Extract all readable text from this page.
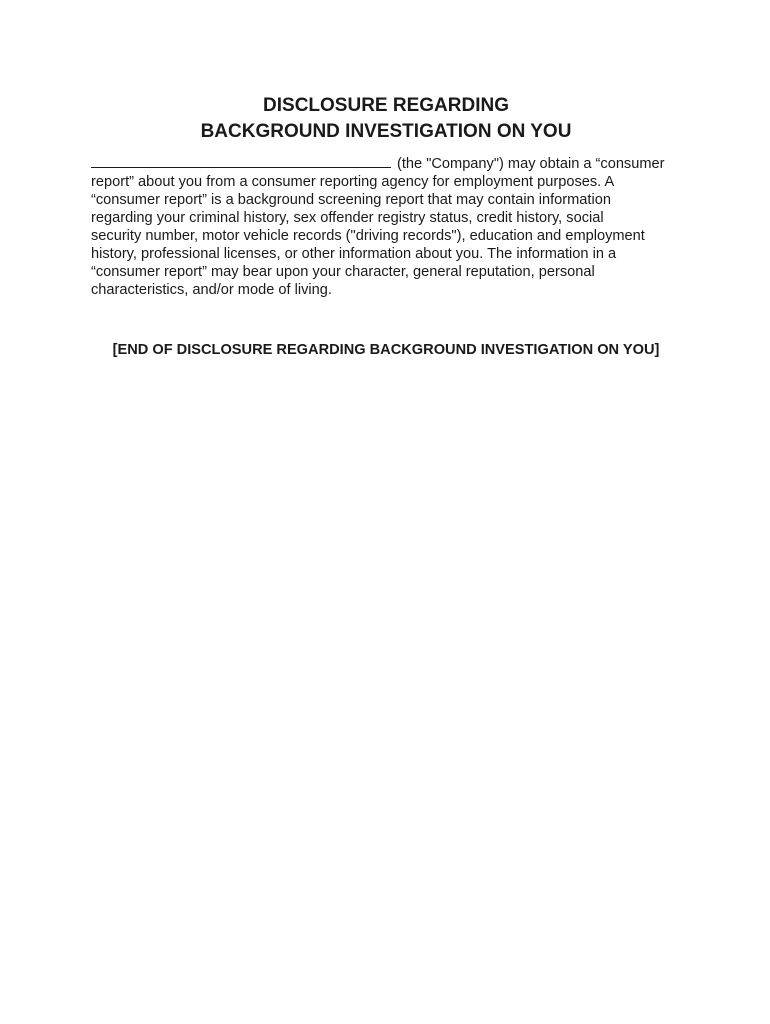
DISCLOSURE REGARDING
BACKGROUND INVESTIGATION ON YOU
(the "Company") may obtain a “consumer
report” about you from a consumer reporting agency for employment purposes. A
“consumer report” is a background screening report that may contain information
regarding your criminal history, sex offender registry status, credit history, social
security number, motor vehicle records ("driving records"), education and employment
history, professional licenses, or other information about you. The information in a
“consumer report” may bear upon your character, general reputation, personal
characteristics, and/or mode of living.
[END OF DISCLOSURE REGARDING BACKGROUND INVESTIGATION ON YOU]
